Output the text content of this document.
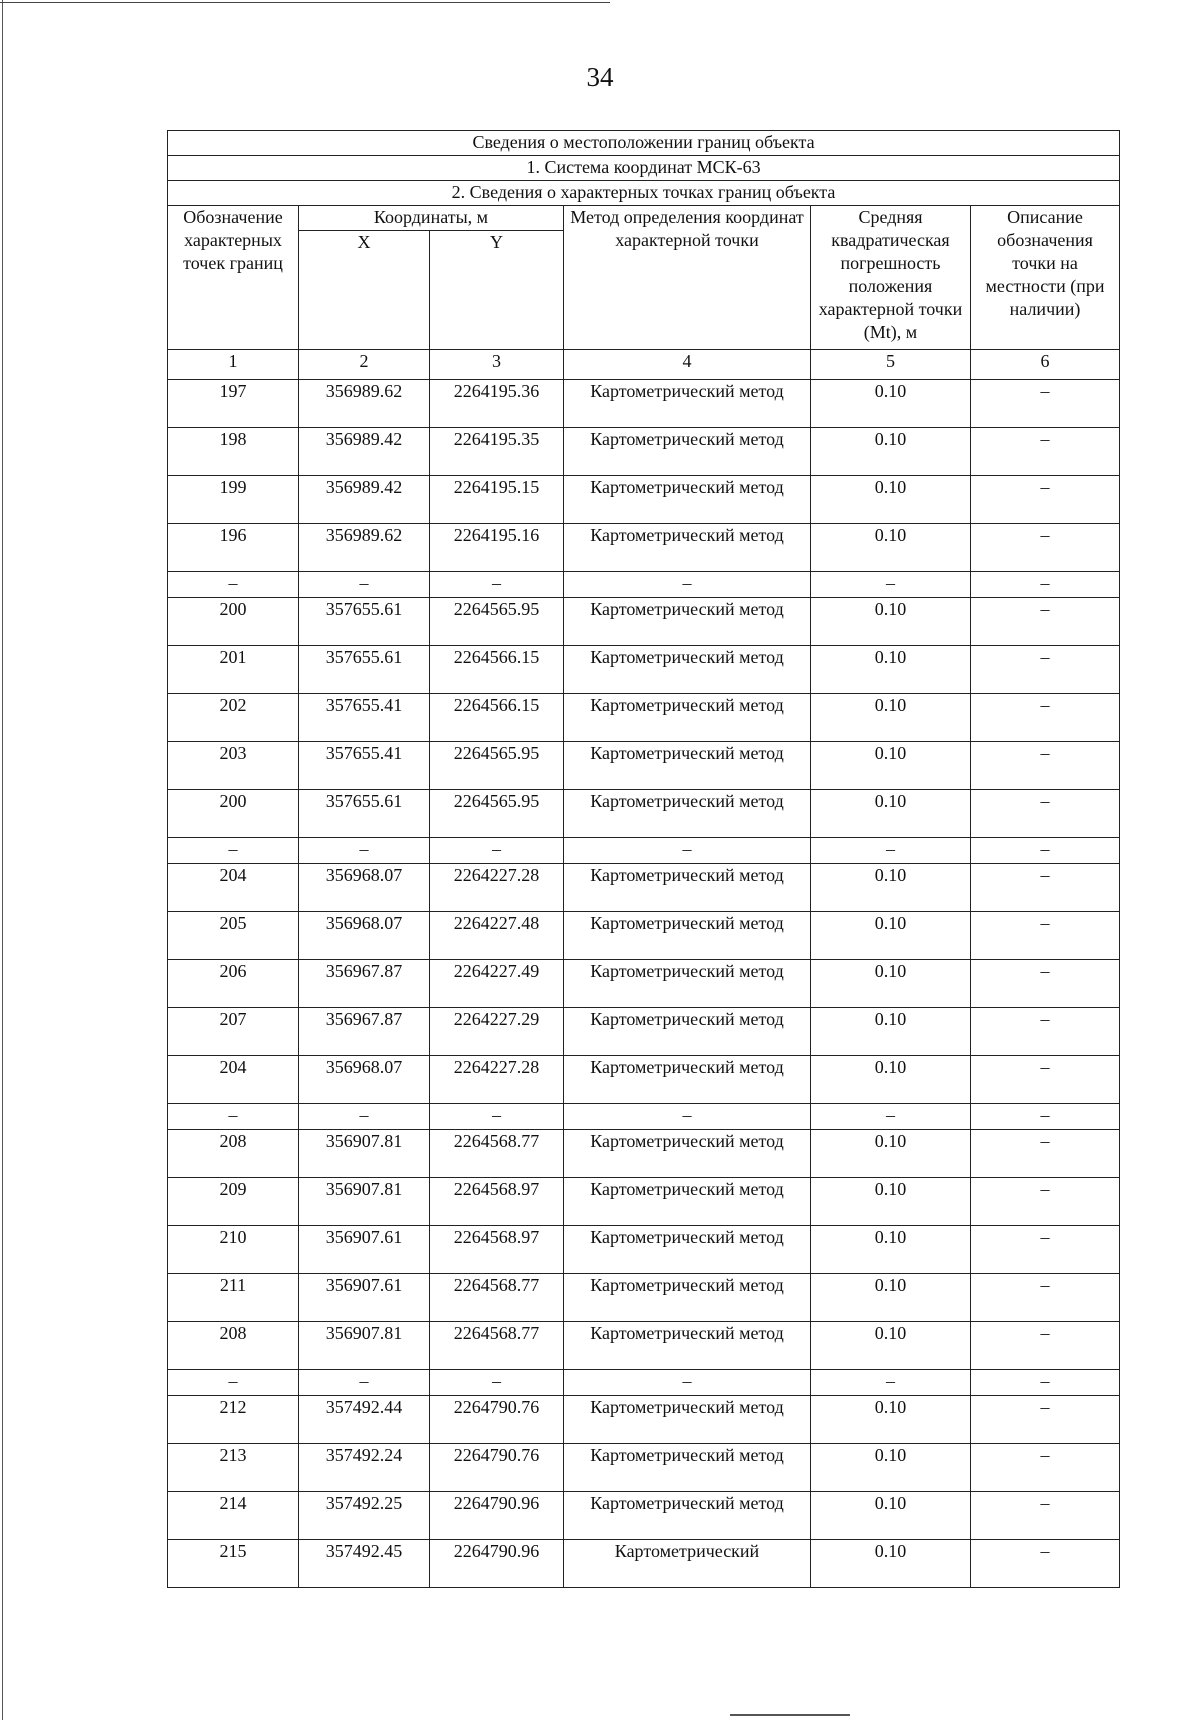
34
Сведения о местоположении границ объекта					
1. Система координат МСК-63					
2. Сведения о характерных точках границ объекта					
Обозначение характерных точек границ	Координаты, м		Метод определения координат характерной точки	Средняя квадратическая погрешность положения характерной точки (Mt), м	Описание обозначения точки на местности (при наличии)
	X	Y			
1	2	3	4	5	6
197	356989.62	2264195.36	Картометрический метод	0.10	–
198	356989.42	2264195.35	Картометрический метод	0.10	–
199	356989.42	2264195.15	Картометрический метод	0.10	–
196	356989.62	2264195.16	Картометрический метод	0.10	–
–	–	–	–	–	–
200	357655.61	2264565.95	Картометрический метод	0.10	–
201	357655.61	2264566.15	Картометрический метод	0.10	–
202	357655.41	2264566.15	Картометрический метод	0.10	–
203	357655.41	2264565.95	Картометрический метод	0.10	–
200	357655.61	2264565.95	Картометрический метод	0.10	–
–	–	–	–	–	–
204	356968.07	2264227.28	Картометрический метод	0.10	–
205	356968.07	2264227.48	Картометрический метод	0.10	–
206	356967.87	2264227.49	Картометрический метод	0.10	–
207	356967.87	2264227.29	Картометрический метод	0.10	–
204	356968.07	2264227.28	Картометрический метод	0.10	–
–	–	–	–	–	–
208	356907.81	2264568.77	Картометрический метод	0.10	–
209	356907.81	2264568.97	Картометрический метод	0.10	–
210	356907.61	2264568.97	Картометрический метод	0.10	–
211	356907.61	2264568.77	Картометрический метод	0.10	–
208	356907.81	2264568.77	Картометрический метод	0.10	–
–	–	–	–	–	–
212	357492.44	2264790.76	Картометрический метод	0.10	–
213	357492.24	2264790.76	Картометрический метод	0.10	–
214	357492.25	2264790.96	Картометрический метод	0.10	–
215	357492.45	2264790.96	Картометрический	0.10	–
